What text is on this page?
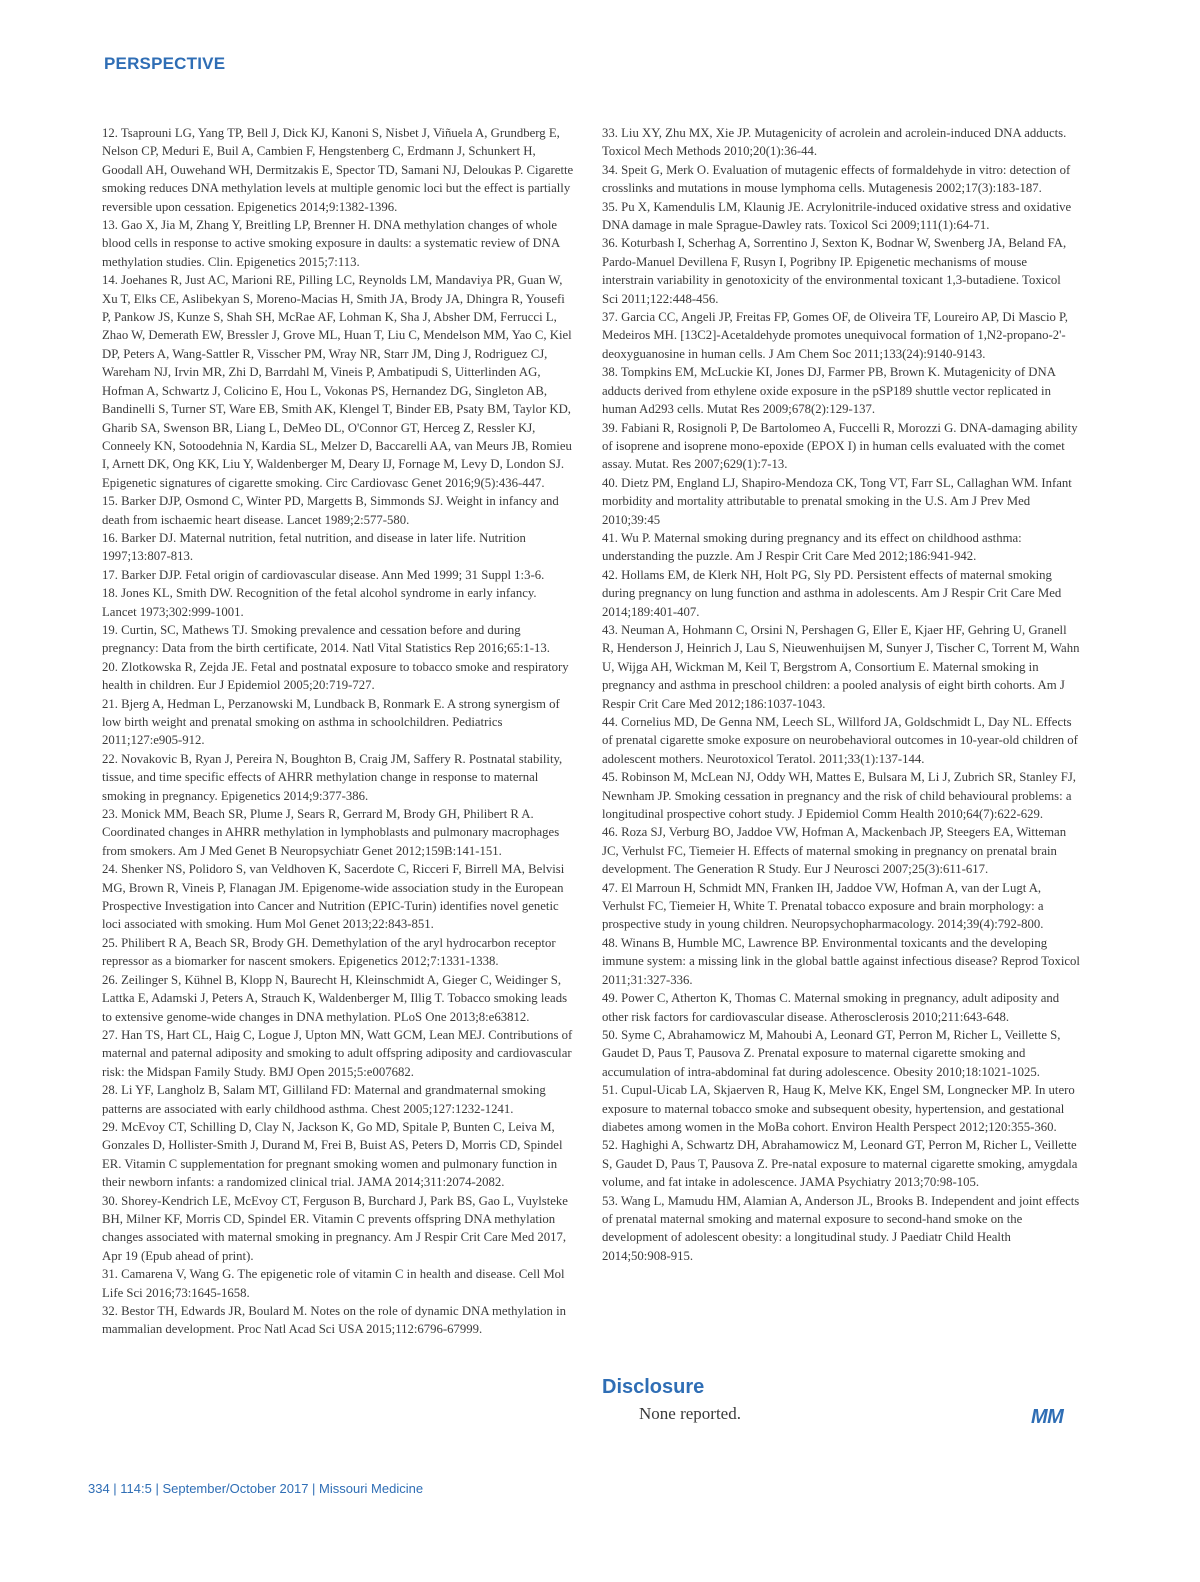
PERSPECTIVE
12. Tsaprouni LG, Yang TP, Bell J, Dick KJ, Kanoni S, Nisbet J, Viñuela A, Grundberg E, Nelson CP, Meduri E, Buil A, Cambien F, Hengstenberg C, Erdmann J, Schunkert H, Goodall AH, Ouwehand WH, Dermitzakis E, Spector TD, Samani NJ, Deloukas P. Cigarette smoking reduces DNA methylation levels at multiple genomic loci but the effect is partially reversible upon cessation. Epigenetics 2014;9:1382-1396.
13. Gao X, Jia M, Zhang Y, Breitling LP, Brenner H. DNA methylation changes of whole blood cells in response to active smoking exposure in daults: a systematic review of DNA methylation studies. Clin. Epigenetics 2015;7:113.
14. Joehanes R, Just AC, Marioni RE, Pilling LC, Reynolds LM, Mandaviya PR, Guan W, Xu T, Elks CE, Aslibekyan S, Moreno-Macias H, Smith JA, Brody JA, Dhingra R, Yousefi P, Pankow JS, Kunze S, Shah SH, McRae AF, Lohman K, Sha J, Absher DM, Ferrucci L, Zhao W, Demerath EW, Bressler J, Grove ML, Huan T, Liu C, Mendelson MM, Yao C, Kiel DP, Peters A, Wang-Sattler R, Visscher PM, Wray NR, Starr JM, Ding J, Rodriguez CJ, Wareham NJ, Irvin MR, Zhi D, Barrdahl M, Vineis P, Ambatipudi S, Uitterlinden AG, Hofman A, Schwartz J, Colicino E, Hou L, Vokonas PS, Hernandez DG, Singleton AB, Bandinelli S, Turner ST, Ware EB, Smith AK, Klengel T, Binder EB, Psaty BM, Taylor KD, Gharib SA, Swenson BR, Liang L, DeMeo DL, O'Connor GT, Herceg Z, Ressler KJ, Conneely KN, Sotoodehnia N, Kardia SL, Melzer D, Baccarelli AA, van Meurs JB, Romieu I, Arnett DK, Ong KK, Liu Y, Waldenberger M, Deary IJ, Fornage M, Levy D, London SJ. Epigenetic signatures of cigarette smoking. Circ Cardiovasc Genet 2016;9(5):436-447.
15. Barker DJP, Osmond C, Winter PD, Margetts B, Simmonds SJ. Weight in infancy and death from ischaemic heart disease. Lancet 1989;2:577-580.
16. Barker DJ. Maternal nutrition, fetal nutrition, and disease in later life. Nutrition 1997;13:807-813.
17. Barker DJP. Fetal origin of cardiovascular disease. Ann Med 1999; 31 Suppl 1:3-6.
18. Jones KL, Smith DW. Recognition of the fetal alcohol syndrome in early infancy. Lancet 1973;302:999-1001.
19. Curtin, SC, Mathews TJ. Smoking prevalence and cessation before and during pregnancy: Data from the birth certificate, 2014. Natl Vital Statistics Rep 2016;65:1-13.
20. Zlotkowska R, Zejda JE. Fetal and postnatal exposure to tobacco smoke and respiratory health in children. Eur J Epidemiol 2005;20:719-727.
21. Bjerg A, Hedman L, Perzanowski M, Lundback B, Ronmark E. A strong synergism of low birth weight and prenatal smoking on asthma in schoolchildren. Pediatrics 2011;127:e905-912.
22. Novakovic B, Ryan J, Pereira N, Boughton B, Craig JM, Saffery R. Postnatal stability, tissue, and time specific effects of AHRR methylation change in response to maternal smoking in pregnancy. Epigenetics 2014;9:377-386.
23. Monick MM, Beach SR, Plume J, Sears R, Gerrard M, Brody GH, Philibert R A. Coordinated changes in AHRR methylation in lymphoblasts and pulmonary macrophages from smokers. Am J Med Genet B Neuropsychiatr Genet 2012;159B:141-151.
24. Shenker NS, Polidoro S, van Veldhoven K, Sacerdote C, Ricceri F, Birrell MA, Belvisi MG, Brown R, Vineis P, Flanagan JM. Epigenome-wide association study in the European Prospective Investigation into Cancer and Nutrition (EPIC-Turin) identifies novel genetic loci associated with smoking. Hum Mol Genet 2013;22:843-851.
25. Philibert R A, Beach SR, Brody GH. Demethylation of the aryl hydrocarbon receptor repressor as a biomarker for nascent smokers. Epigenetics 2012;7:1331-1338.
26. Zeilinger S, Kühnel B, Klopp N, Baurecht H, Kleinschmidt A, Gieger C, Weidinger S, Lattka E, Adamski J, Peters A, Strauch K, Waldenberger M, Illig T. Tobacco smoking leads to extensive genome-wide changes in DNA methylation. PLoS One 2013;8:e63812.
27. Han TS, Hart CL, Haig C, Logue J, Upton MN, Watt GCM, Lean MEJ. Contributions of maternal and paternal adiposity and smoking to adult offspring adiposity and cardiovascular risk: the Midspan Family Study. BMJ Open 2015;5:e007682.
28. Li YF, Langholz B, Salam MT, Gilliland FD: Maternal and grandmaternal smoking patterns are associated with early childhood asthma. Chest 2005;127:1232-1241.
29. McEvoy CT, Schilling D, Clay N, Jackson K, Go MD, Spitale P, Bunten C, Leiva M, Gonzales D, Hollister-Smith J, Durand M, Frei B, Buist AS, Peters D, Morris CD, Spindel ER. Vitamin C supplementation for pregnant smoking women and pulmonary function in their newborn infants: a randomized clinical trial. JAMA 2014;311:2074-2082.
30. Shorey-Kendrich LE, McEvoy CT, Ferguson B, Burchard J, Park BS, Gao L, Vuylsteke BH, Milner KF, Morris CD, Spindel ER. Vitamin C prevents offspring DNA methylation changes associated with maternal smoking in pregnancy. Am J Respir Crit Care Med 2017, Apr 19 (Epub ahead of print).
31. Camarena V, Wang G. The epigenetic role of vitamin C in health and disease. Cell Mol Life Sci 2016;73:1645-1658.
32. Bestor TH, Edwards JR, Boulard M. Notes on the role of dynamic DNA methylation in mammalian development. Proc Natl Acad Sci USA 2015;112:6796-67999.
33. Liu XY, Zhu MX, Xie JP. Mutagenicity of acrolein and acrolein-induced DNA adducts. Toxicol Mech Methods 2010;20(1):36-44.
34. Speit G, Merk O. Evaluation of mutagenic effects of formaldehyde in vitro: detection of crosslinks and mutations in mouse lymphoma cells. Mutagenesis 2002;17(3):183-187.
35. Pu X, Kamendulis LM, Klaunig JE. Acrylonitrile-induced oxidative stress and oxidative DNA damage in male Sprague-Dawley rats. Toxicol Sci 2009;111(1):64-71.
36. Koturbash I, Scherhag A, Sorrentino J, Sexton K, Bodnar W, Swenberg JA, Beland FA, Pardo-Manuel Devillena F, Rusyn I, Pogribny IP. Epigenetic mechanisms of mouse interstrain variability in genotoxicity of the environmental toxicant 1,3-butadiene. Toxicol Sci 2011;122:448-456.
37. Garcia CC, Angeli JP, Freitas FP, Gomes OF, de Oliveira TF, Loureiro AP, Di Mascio P, Medeiros MH. [13C2]-Acetaldehyde promotes unequivocal formation of 1,N2-propano-2'-deoxyguanosine in human cells. J Am Chem Soc 2011;133(24):9140-9143.
38. Tompkins EM, McLuckie KI, Jones DJ, Farmer PB, Brown K. Mutagenicity of DNA adducts derived from ethylene oxide exposure in the pSP189 shuttle vector replicated in human Ad293 cells. Mutat Res 2009;678(2):129-137.
39. Fabiani R, Rosignoli P, De Bartolomeo A, Fuccelli R, Morozzi G. DNA-damaging ability of isoprene and isoprene mono-epoxide (EPOX I) in human cells evaluated with the comet assay. Mutat. Res 2007;629(1):7-13.
40. Dietz PM, England LJ, Shapiro-Mendoza CK, Tong VT, Farr SL, Callaghan WM. Infant morbidity and mortality attributable to prenatal smoking in the U.S. Am J Prev Med 2010;39:45
41. Wu P. Maternal smoking during pregnancy and its effect on childhood asthma: understanding the puzzle. Am J Respir Crit Care Med 2012;186:941-942.
42. Hollams EM, de Klerk NH, Holt PG, Sly PD. Persistent effects of maternal smoking during pregnancy on lung function and asthma in adolescents. Am J Respir Crit Care Med 2014;189:401-407.
43. Neuman A, Hohmann C, Orsini N, Pershagen G, Eller E, Kjaer HF, Gehring U, Granell R, Henderson J, Heinrich J, Lau S, Nieuwenhuijsen M, Sunyer J, Tischer C, Torrent M, Wahn U, Wijga AH, Wickman M, Keil T, Bergstrom A, Consortium E. Maternal smoking in pregnancy and asthma in preschool children: a pooled analysis of eight birth cohorts. Am J Respir Crit Care Med 2012;186:1037-1043.
44. Cornelius MD, De Genna NM, Leech SL, Willford JA, Goldschmidt L, Day NL. Effects of prenatal cigarette smoke exposure on neurobehavioral outcomes in 10-year-old children of adolescent mothers. Neurotoxicol Teratol. 2011;33(1):137-144.
45. Robinson M, McLean NJ, Oddy WH, Mattes E, Bulsara M, Li J, Zubrich SR, Stanley FJ, Newnham JP. Smoking cessation in pregnancy and the risk of child behavioural problems: a longitudinal prospective cohort study. J Epidemiol Comm Health 2010;64(7):622-629.
46. Roza SJ, Verburg BO, Jaddoe VW, Hofman A, Mackenbach JP, Steegers EA, Witteman JC, Verhulst FC, Tiemeier H. Effects of maternal smoking in pregnancy on prenatal brain development. The Generation R Study. Eur J Neurosci 2007;25(3):611-617.
47. El Marroun H, Schmidt MN, Franken IH, Jaddoe VW, Hofman A, van der Lugt A, Verhulst FC, Tiemeier H, White T. Prenatal tobacco exposure and brain morphology: a prospective study in young children. Neuropsychopharmacology. 2014;39(4):792-800.
48. Winans B, Humble MC, Lawrence BP. Environmental toxicants and the developing immune system: a missing link in the global battle against infectious disease? Reprod Toxicol 2011;31:327-336.
49. Power C, Atherton K, Thomas C. Maternal smoking in pregnancy, adult adiposity and other risk factors for cardiovascular disease. Atherosclerosis 2010;211:643-648.
50. Syme C, Abrahamowicz M, Mahoubi A, Leonard GT, Perron M, Richer L, Veillette S, Gaudet D, Paus T, Pausova Z. Prenatal exposure to maternal cigarette smoking and accumulation of intra-abdominal fat during adolescence. Obesity 2010;18:1021-1025.
51. Cupul-Uicab LA, Skjaerven R, Haug K, Melve KK, Engel SM, Longnecker MP. In utero exposure to maternal tobacco smoke and subsequent obesity, hypertension, and gestational diabetes among women in the MoBa cohort. Environ Health Perspect 2012;120:355-360.
52. Haghighi A, Schwartz DH, Abrahamowicz M, Leonard GT, Perron M, Richer L, Veillette S, Gaudet D, Paus T, Pausova Z. Pre-natal exposure to maternal cigarette smoking, amygdala volume, and fat intake in adolescence. JAMA Psychiatry 2013;70:98-105.
53. Wang L, Mamudu HM, Alamian A, Anderson JL, Brooks B. Independent and joint effects of prenatal maternal smoking and maternal exposure to second-hand smoke on the development of adolescent obesity: a longitudinal study. J Paediatr Child Health 2014;50:908-915.
Disclosure
None reported.	MM
334 | 114:5 | September/October 2017 | Missouri Medicine
